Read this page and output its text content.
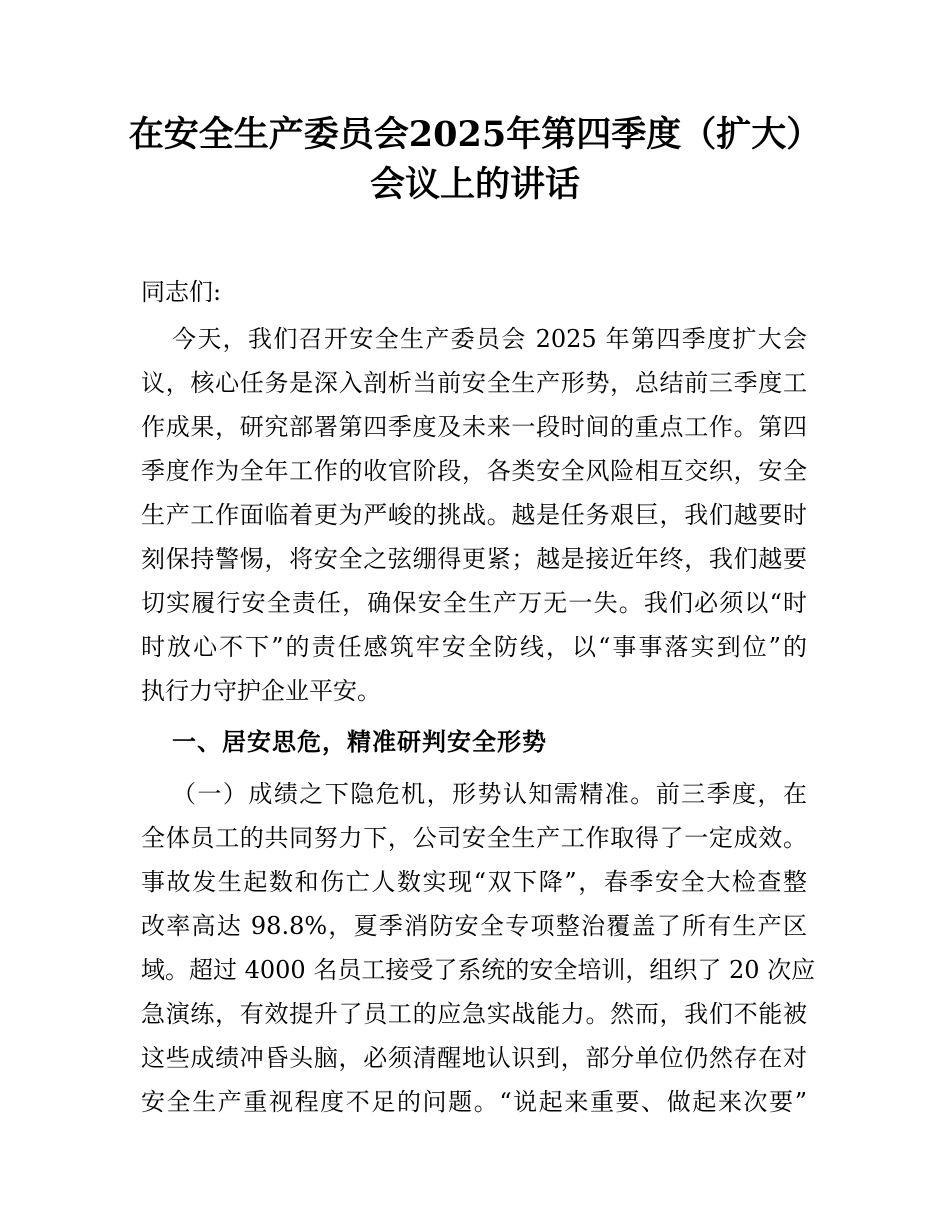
在安全生产委员会2025年第四季度（扩大）
会议上的讲话

同志们:

今天，我们召开安全生产委员会 2025 年第四季度扩大会

议，核心任务是深入剖析当前安全生产形势，总结前三季度工

作成果，研究部署第四季度及未来一段时间的重点工作。第四

季度作为全年工作的收官阶段，各类安全风险相互交织，安全

生产工作面临着更为严峻的挑战。越是任务艰巨，我们越要时

刻保持警惕，将安全之弦绷得更紧；越是接近年终，我们越要

切实履行安全责任，确保安全生产万无一失。我们必须以“时

时放心不下”的责任感筑牢安全防线，以“事事落实到位”的

执行力守护企业平安。

一、居安思危，精准研判安全形势

（一）成绩之下隐危机，形势认知需精准。前三季度，在

全体员工的共同努力下，公司安全生产工作取得了一定成效。

事故发生起数和伤亡人数实现“双下降”，春季安全大检查整

改率高达 98.8%，夏季消防安全专项整治覆盖了所有生产区

域。超过 4000 名员工接受了系统的安全培训，组织了 20 次应

急演练，有效提升了员工的应急实战能力。然而，我们不能被

这些成绩冲昏头脑，必须清醒地认识到，部分单位仍然存在对

安全生产重视程度不足的问题。“说起来重要、做起来次要”
